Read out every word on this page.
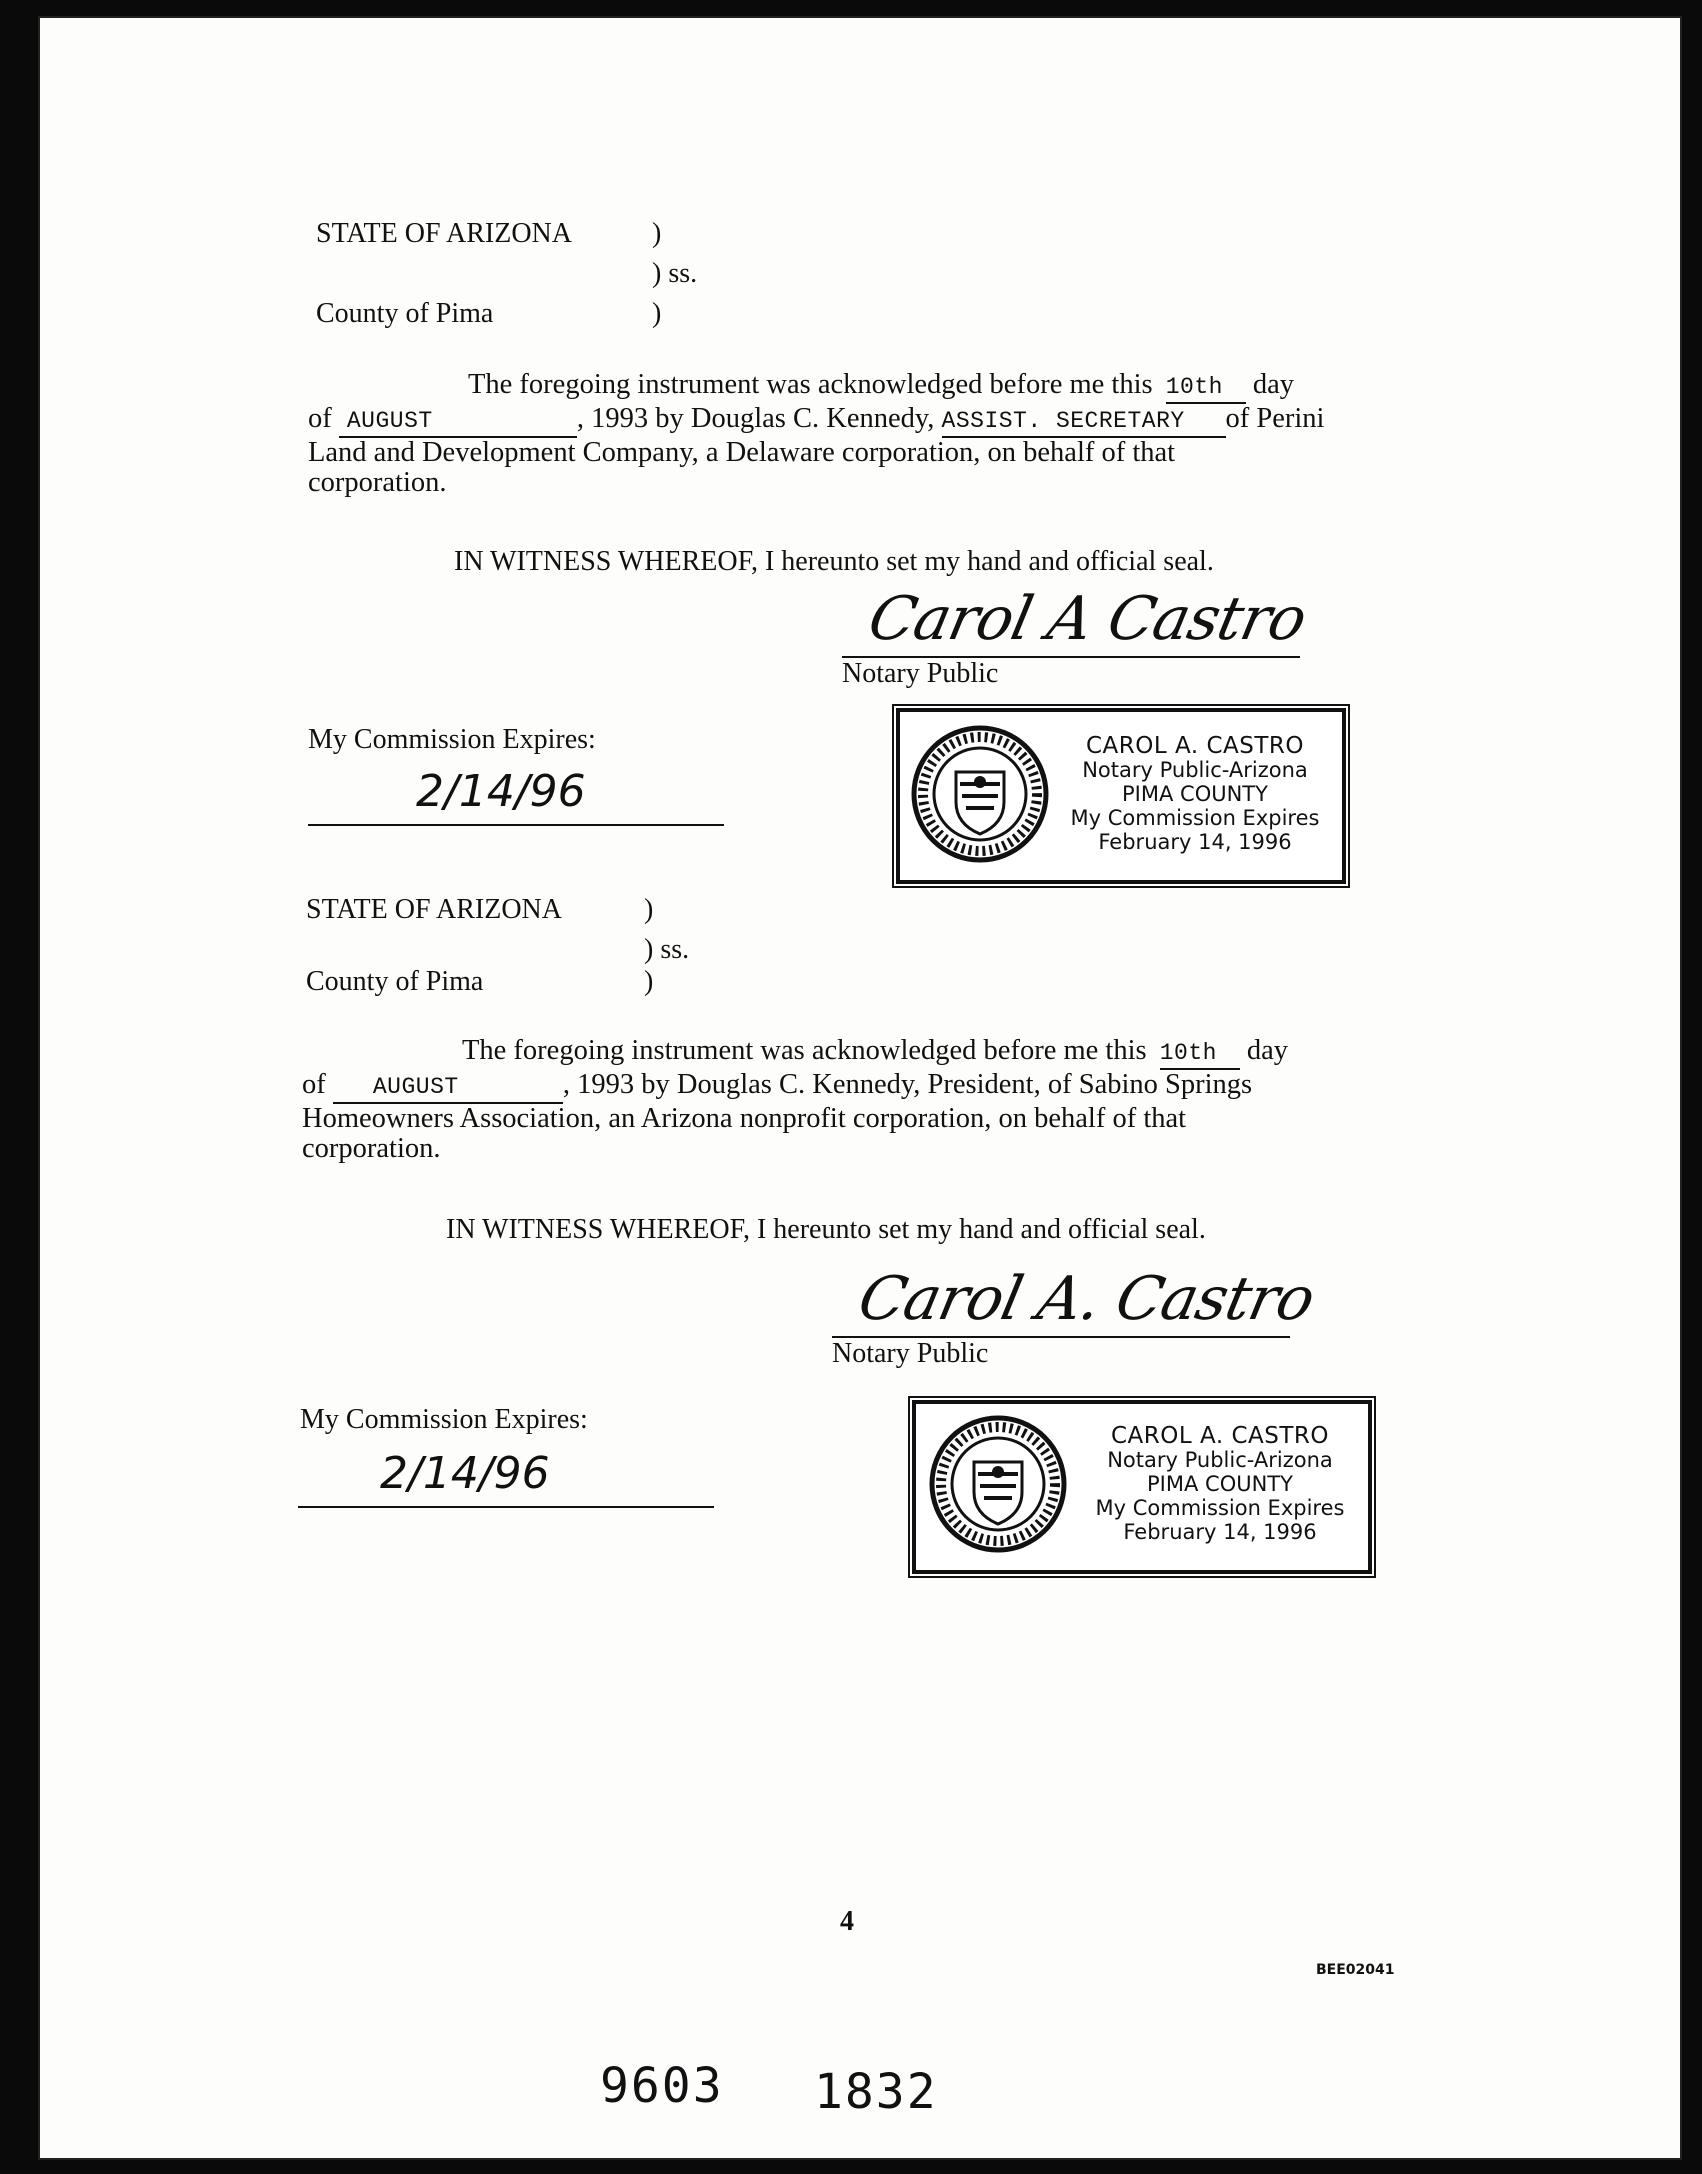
STATE OF ARIZONA	)
) ss.
County of Pima	)
The foregoing instrument was acknowledged before me this 10th day
of AUGUST	, 1993 by Douglas C. Kennedy, ASSIST. SECRETARY of Perini
Land and Development Company, a Delaware corporation, on behalf of that
corporation.
IN WITNESS WHEREOF, I hereunto set my hand and official seal.
Carol A Castro
Notary Public
My Commission Expires:
2/14/96
CAROL A. CASTRO
Notary Public-Arizona
PIMA COUNTY
My Commission Expires
February 14, 1996
STATE OF ARIZONA	)
) ss.
County of Pima	)
The foregoing instrument was acknowledged before me this 10th day
of AUGUST	, 1993 by Douglas C. Kennedy, President, of Sabino Springs
Homeowners Association, an Arizona nonprofit corporation, on behalf of that
corporation.
IN WITNESS WHEREOF, I hereunto set my hand and official seal.
Carol A. Castro
Notary Public
My Commission Expires:
2/14/96
CAROL A. CASTRO
Notary Public-Arizona
PIMA COUNTY
My Commission Expires
February 14, 1996
4
BEE02041
9603 1832
